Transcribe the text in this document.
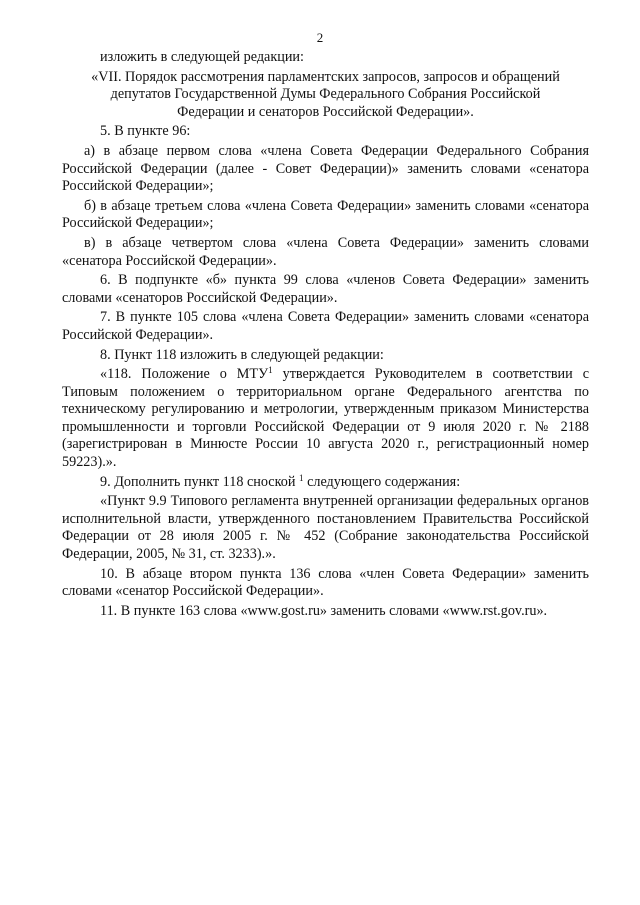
2

изложить в следующей редакции:

«VII. Порядок рассмотрения парламентских запросов, запросов и обращений
депутатов Государственной Думы Федерального Собрания Российской
Федерации и сенаторов Российской Федерации».

5. В пункте 96:

а) в абзаце первом слова «члена Совета Федерации Федерального Собрания Российской Федерации (далее - Совет Федерации)» заменить словами «сенатора Российской Федерации»;

б) в абзаце третьем слова «члена Совета Федерации» заменить словами «сенатора Российской Федерации»;

в) в абзаце четвертом слова «члена Совета Федерации» заменить словами «сенатора Российской Федерации».

6. В подпункте «б» пункта 99 слова «членов Совета Федерации» заменить словами «сенаторов Российской Федерации».

7. В пункте 105 слова «члена Совета Федерации» заменить словами «сенатора Российской Федерации».

8. Пункт 118 изложить в следующей редакции:

«118. Положение о МТУ$^1$ утверждается Руководителем в соответствии с Типовым положением о территориальном органе Федерального агентства по техническому регулированию и метрологии, утвержденным приказом Министерства промышленности и торговли Российской Федерации от 9 июля 2020 г. № 2188 (зарегистрирован в Минюсте России 10 августа 2020 г., регистрационный номер 59223).».

9. Дополнить пункт 118 сноской $^1$ следующего содержания:

«Пункт 9.9 Типового регламента внутренней организации федеральных органов исполнительной власти, утвержденного постановлением Правительства Российской Федерации от 28 июля 2005 г. № 452 (Собрание законодательства Российской Федерации, 2005, № 31, ст. 3233).».

10. В абзаце втором пункта 136 слова «член Совета Федерации» заменить словами «сенатор Российской Федерации».

11. В пункте 163 слова «www.gost.ru» заменить словами «www.rst.gov.ru».
